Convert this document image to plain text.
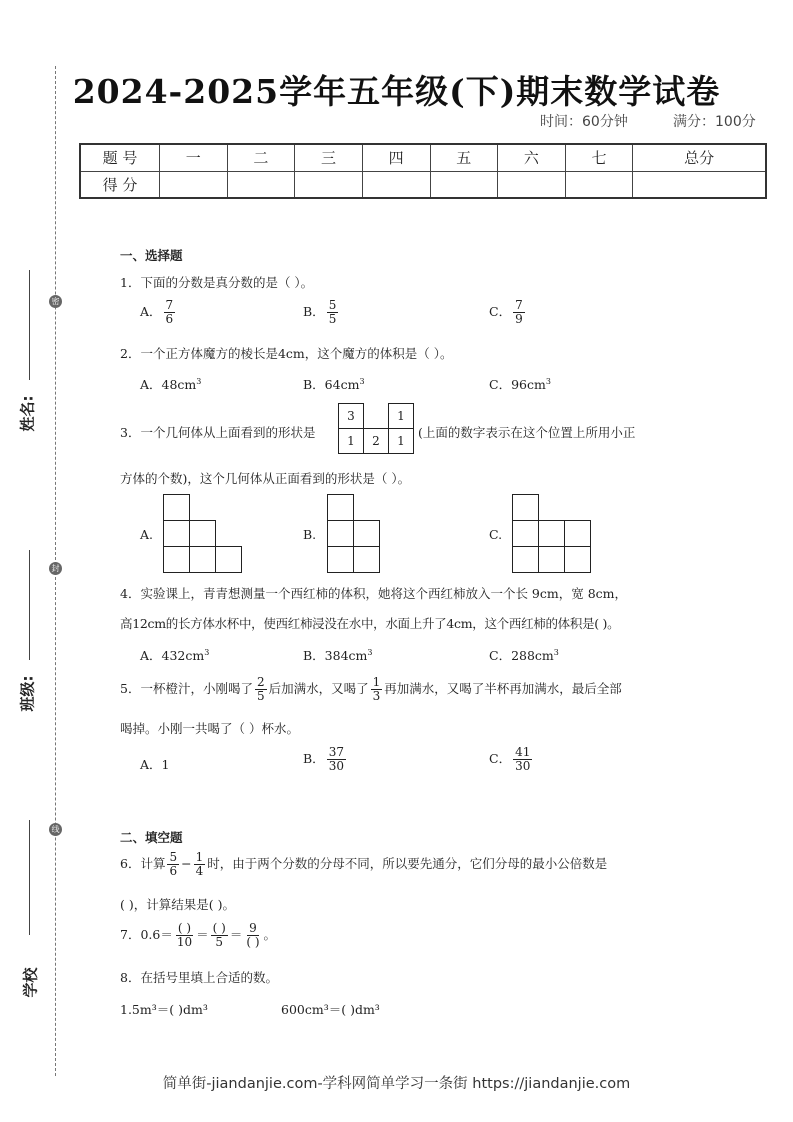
姓名:
班级:
学校
密
封
线
2024-2025学年五年级(下)期末数学试卷
时间：60分钟	满分：100分
题 号	一	二	三	四	五	六	七	总分
得 分								
一、选择题
1．下面的分数是真分数的是（ ）。
A． $\frac{7}{6}$	B． $\frac{5}{5}$	C． $\frac{7}{9}$
2．一个正方体魔方的棱长是4cm，这个魔方的体积是（ ）。
A．$48cm^3$	B．$64cm^3$	C．$96cm^3$
3．一个几何体从上面看到的形状是
3		1
1	2	1
(上面的数字表示在这个位置上所用小正
方体的个数)，这个几何体从正面看到的形状是（ ）。
A.	B.	C.
4．实验课上，青青想测量一个西红柿的体积，她将这个西红柿放入一个长 9cm，宽 8cm，
高12cm的长方体水杯中，使西红柿浸没在水中，水面上升了4cm，这个西红柿的体积是( )。
A．$432cm^3$	B．$384cm^3$	C．$288cm^3$
5．一杯橙汁，小刚喝了 $\frac{2}{5}$ 后加满水，又喝了 $\frac{1}{3}$ 再加满水，又喝了半杯再加满水，最后全部
喝掉。小刚一共喝了（ ）杯水。
A．1	B． $\frac{37}{30}$	C． $\frac{41}{30}$
二、填空题
6．计算 $\frac{5}{6} - \frac{1}{4}$ 时，由于两个分数的分母不同，所以要先通分，它们分母的最小公倍数是
( )，计算结果是( )。
7．$0.6= \frac{( )}{10} = \frac{( )}{5} = \frac{9}{( )}$ 。
8．在括号里填上合适的数。
1.5m³＝( )dm³	600cm³＝( )dm³
简单街-jiandanjie.com-学科网简单学习一条街 https://jiandanjie.com
